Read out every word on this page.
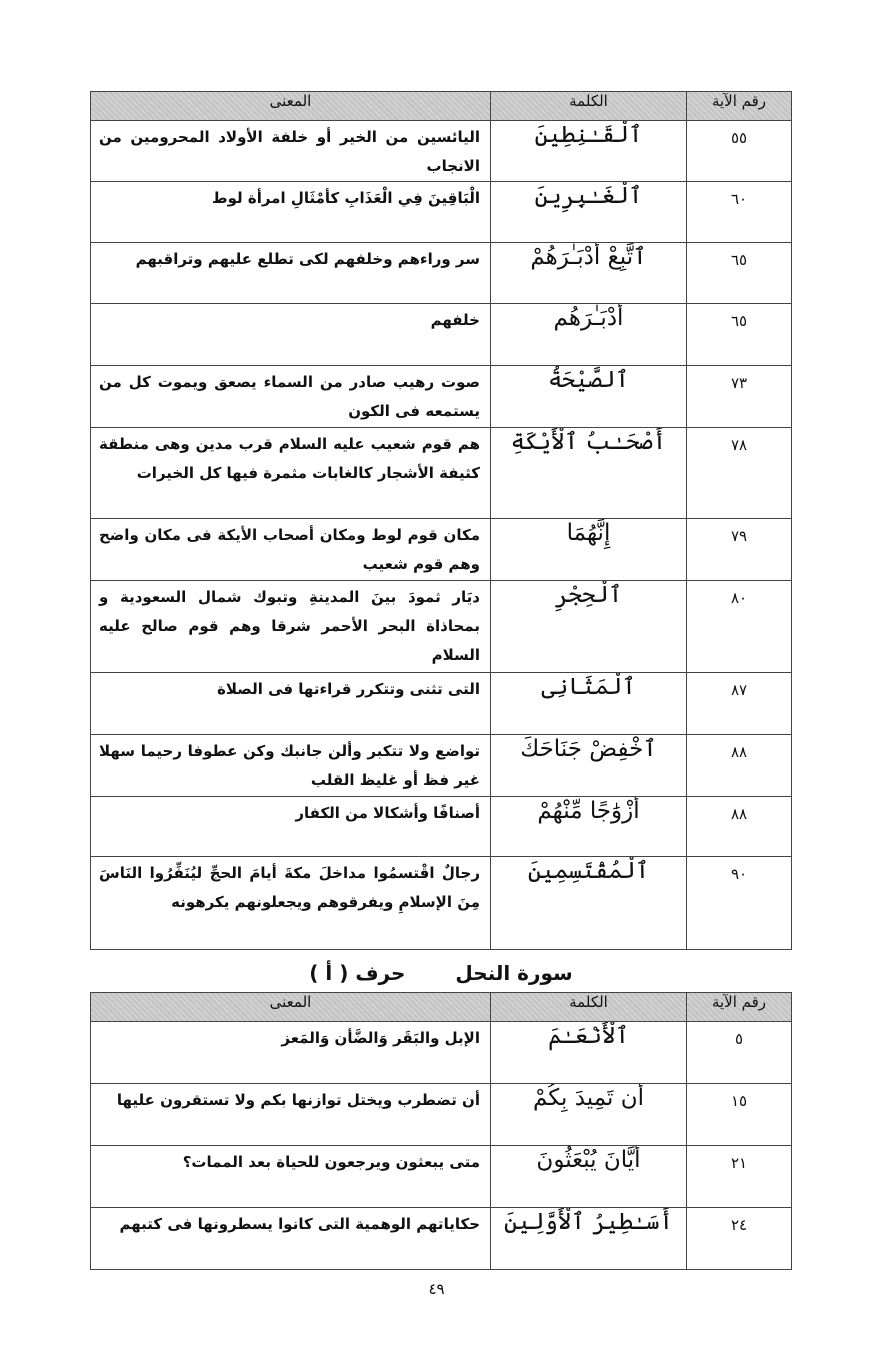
رقم الآية	الكلمة	المعنى
٥٥	ٱلْقَـٰنِطِينَ	اليائسين من الخير أو خلفة الأولاد المحرومين من الانجاب
٦٠	ٱلْغَـٰبِرِينَ	الْبَاقِينَ فِي الْعَذَابِ كأمْثَالِ امرأة لوط
٦٥	ٱتَّبِعْ أَدْبَـٰرَهُمْ	سر وراءهم وخلفهم لكى تطلع عليهم وتراقبهم
٦٥	أَدْبَـٰرَهُم	خلفهم
٧٣	ٱلصَّيْحَةُ	صوت رهيب صادر من السماء يصعق ويموت كل من يستمعه فى الكون
٧٨	أَصْحَـٰبُ ٱلْأَيْكَةِ	هم قوم شعيب عليه السلام قرب مدين وهى منطقة كثيفة الأشجار كالغابات مثمرة فيها كل الخيرات
٧٩	إِنَّهُمَا	مكان قوم لوط ومكان أصحاب الأيكة فى مكان واضح وهم قوم شعيب
٨٠	ٱلْحِجْرِ	ديَار ثمودَ بينَ المدينةِ وتبوك شمال السعودية و بمحاذاة البحر الأحمر شرقا وهم قوم صالح عليه السلام
٨٧	ٱلْمَثَانِى	التى تثنى وتتكرر قراءتها فى الصلاة
٨٨	ٱخْفِضْ جَنَاحَكَ	تواضع ولا تتكبر وألن جانبك وكن عطوفا رحيما سهلا غير فظ أو غليظ القلب
٨٨	أَزْوَٰجًا مِّنْهُمْ	أصنافًا وأشكالا من الكفار
٩٠	ٱلْمُقْتَسِمِينَ	رجالٌ اقْتسمُوا مداخلَ مكةَ أيامَ الحجِّ ليُنَفِّرُوا النَاسَ مِنَ الإسلامِ ويفرقوهم ويجعلونهم يكرهونه
سورة النحل
حرف ( أ )
رقم الآية	الكلمة	المعنى
٥	ٱلْأَنْعَـٰمَ	الإبل والبَقَر وَالضَّأن وَالمَعز
١٥	أَن تَمِيدَ بِكُمْ	أن تضطرب ويختل توازنها بكم ولا تستقرون عليها
٢١	أَيَّانَ يُبْعَثُونَ	متى يبعثون ويرجعون للحياة بعد الممات؟
٢٤	أَسَـٰطِيرُ ٱلْأَوَّلِينَ	حكاياتهم الوهمية التى كانوا يسطرونها فى كتبهم
٤٩
